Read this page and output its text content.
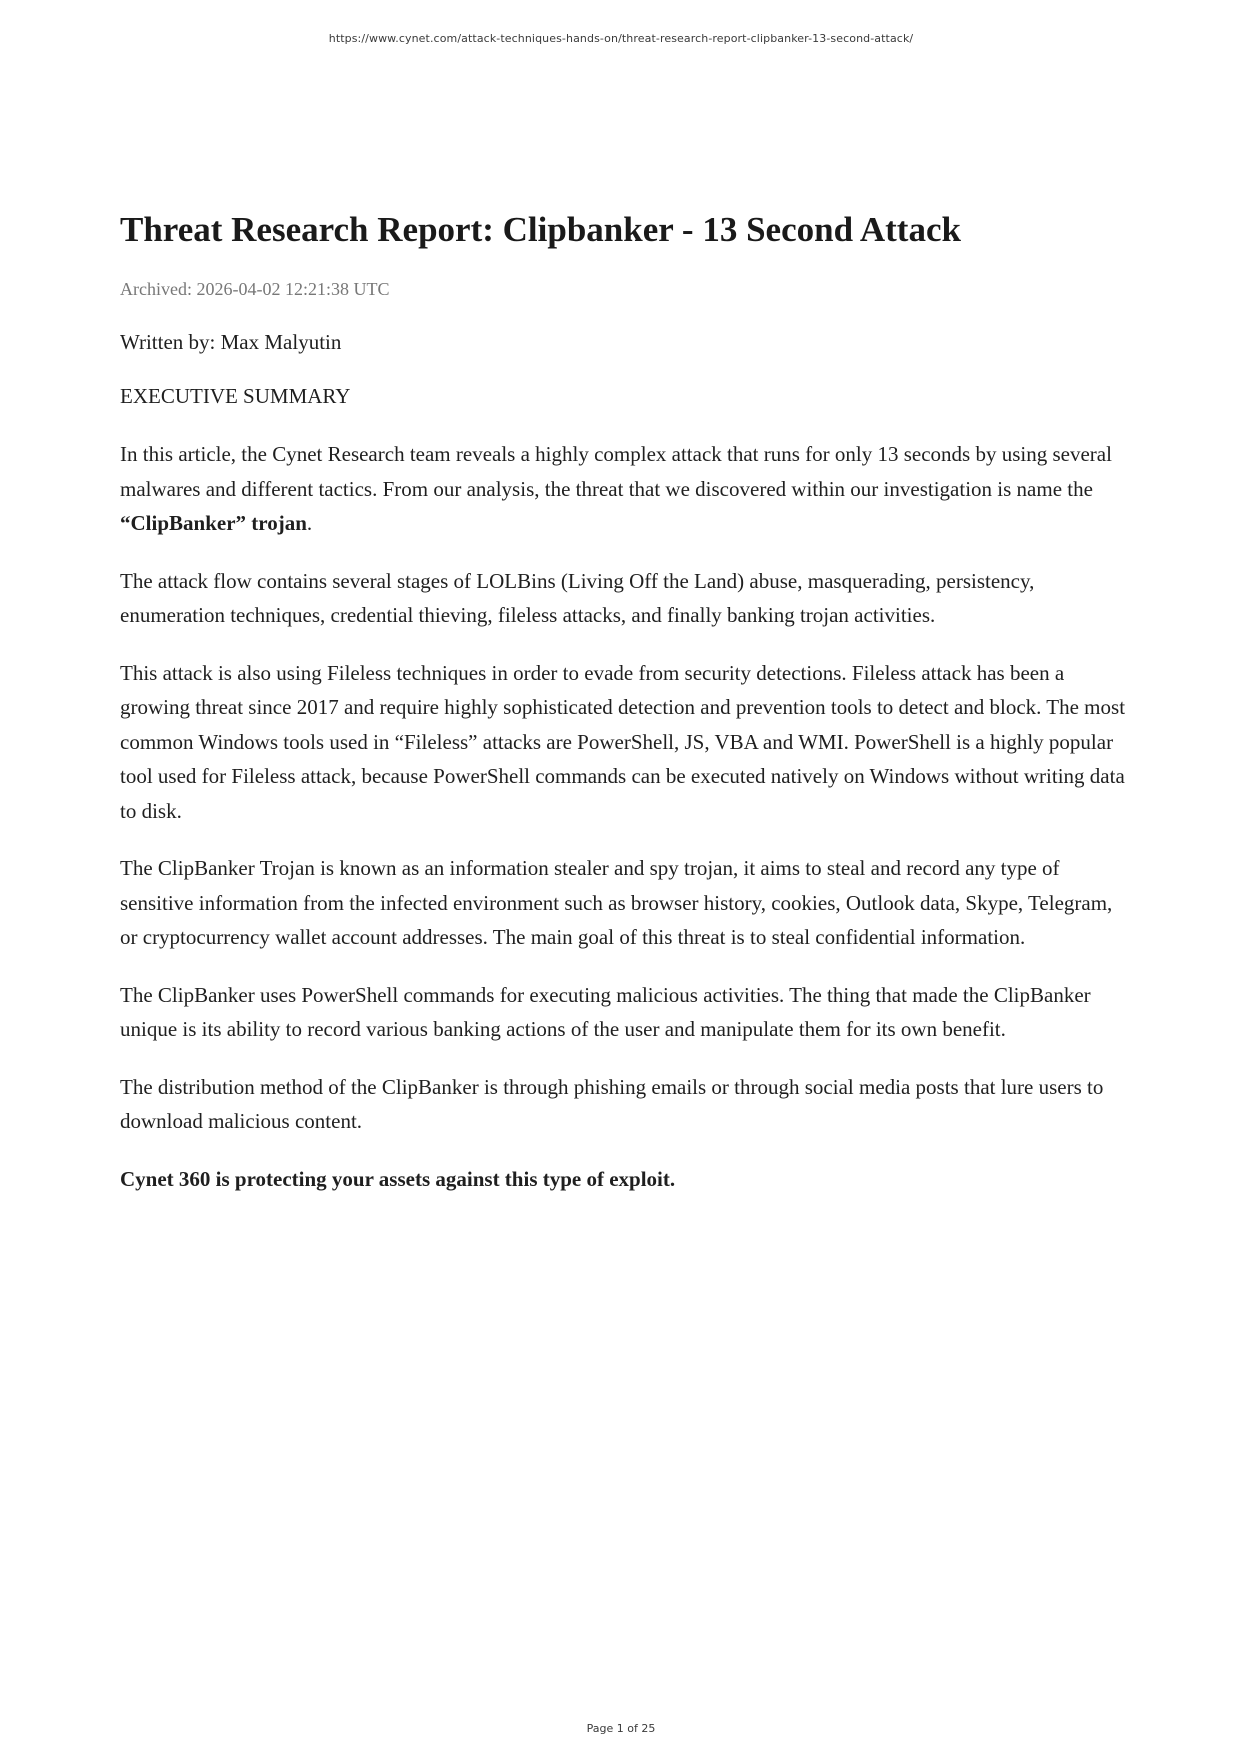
https://www.cynet.com/attack-techniques-hands-on/threat-research-report-clipbanker-13-second-attack/
Threat Research Report: Clipbanker - 13 Second Attack
Archived: 2026-04-02 12:21:38 UTC
Written by: Max Malyutin
EXECUTIVE SUMMARY

In this article, the Cynet Research team reveals a highly complex attack that runs for only 13 seconds by using several malwares and different tactics. From our analysis, the threat that we discovered within our investigation is name the “ClipBanker” trojan.

The attack flow contains several stages of LOLBins (Living Off the Land) abuse, masquerading, persistency, enumeration techniques, credential thieving, fileless attacks, and finally banking trojan activities.

This attack is also using Fileless techniques in order to evade from security detections. Fileless attack has been a growing threat since 2017 and require highly sophisticated detection and prevention tools to detect and block. The most common Windows tools used in “Fileless” attacks are PowerShell, JS, VBA and WMI. PowerShell is a highly popular tool used for Fileless attack, because PowerShell commands can be executed natively on Windows without writing data to disk.

The ClipBanker Trojan is known as an information stealer and spy trojan, it aims to steal and record any type of sensitive information from the infected environment such as browser history, cookies, Outlook data, Skype, Telegram, or cryptocurrency wallet account addresses. The main goal of this threat is to steal confidential information.

The ClipBanker uses PowerShell commands for executing malicious activities. The thing that made the ClipBanker unique is its ability to record various banking actions of the user and manipulate them for its own benefit.

The distribution method of the ClipBanker is through phishing emails or through social media posts that lure users to download malicious content.

Cynet 360 is protecting your assets against this type of exploit.

Page 1 of 25
